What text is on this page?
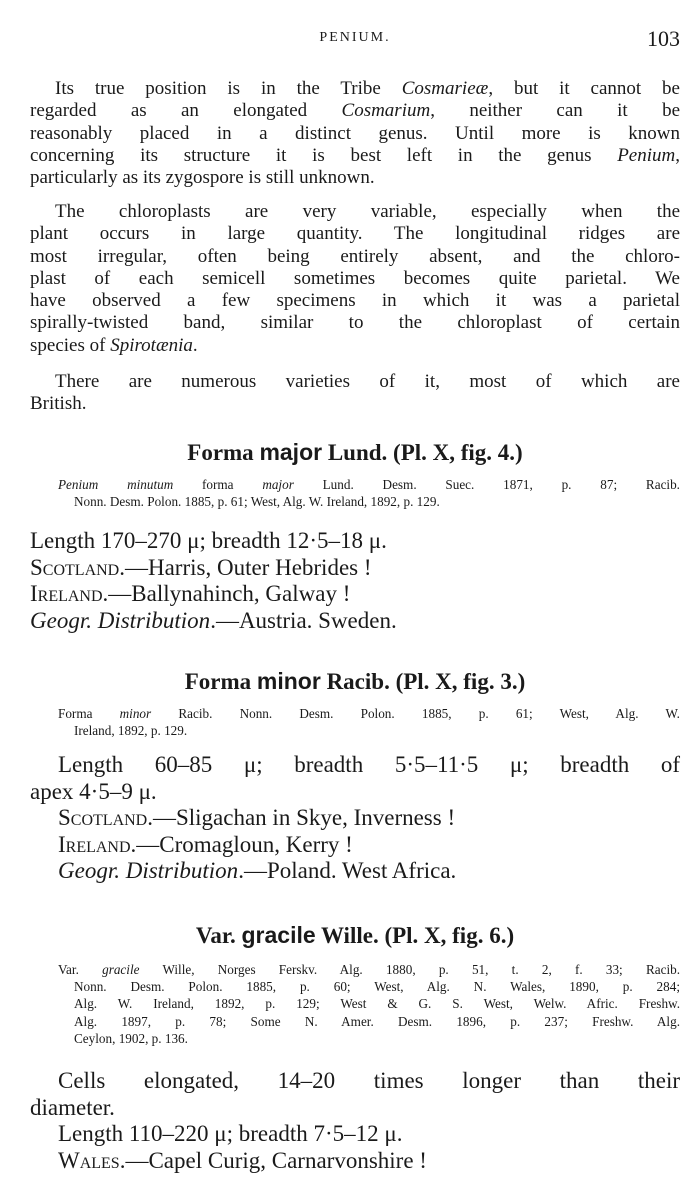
PENIUM.	103

Its true position is in the Tribe Cosmarieæ, but it cannot be
regarded as an elongated Cosmarium, neither can it be
reasonably placed in a distinct genus. Until more is known
concerning its structure it is best left in the genus Penium,
particularly as its zygospore is still unknown.

The chloroplasts are very variable, especially when the
plant occurs in large quantity. The longitudinal ridges are
most irregular, often being entirely absent, and the chloro-
plast of each semicell sometimes becomes quite parietal. We
have observed a few specimens in which it was a parietal
spirally-twisted band, similar to the chloroplast of certain
species of Spirotænia.

There are numerous varieties of it, most of which are
British.

Forma major Lund. (Pl. X, fig. 4.)

Penium minutum forma major Lund. Desm. Suec. 1871, p. 87; Racib.
Nonn. Desm. Polon. 1885, p. 61; West, Alg. W. Ireland, 1892, p. 129.

Length 170–270 μ; breadth 12·5–18 μ.
Scotland.—Harris, Outer Hebrides !
Ireland.—Ballynahinch, Galway !
Geogr. Distribution.—Austria. Sweden.
Forma minor Racib. (Pl. X, fig. 3.)

Forma minor Racib. Nonn. Desm. Polon. 1885, p. 61; West, Alg. W.
Ireland, 1892, p. 129.

Length 60–85 μ; breadth 5·5–11·5 μ; breadth of
apex 4·5–9 μ.
Scotland.—Sligachan in Skye, Inverness !
Ireland.—Cromagloun, Kerry !
Geogr. Distribution.—Poland. West Africa.
Var. gracile Wille. (Pl. X, fig. 6.)

Var. gracile Wille, Norges Ferskv. Alg. 1880, p. 51, t. 2, f. 33; Racib.
Nonn. Desm. Polon. 1885, p. 60; West, Alg. N. Wales, 1890, p. 284;
Alg. W. Ireland, 1892, p. 129; West & G. S. West, Welw. Afric. Freshw.
Alg. 1897, p. 78; Some N. Amer. Desm. 1896, p. 237; Freshw. Alg.
Ceylon, 1902, p. 136.

Cells elongated, 14–20 times longer than their
diameter.
Length 110–220 μ; breadth 7·5–12 μ.
Wales.—Capel Curig, Carnarvonshire !
